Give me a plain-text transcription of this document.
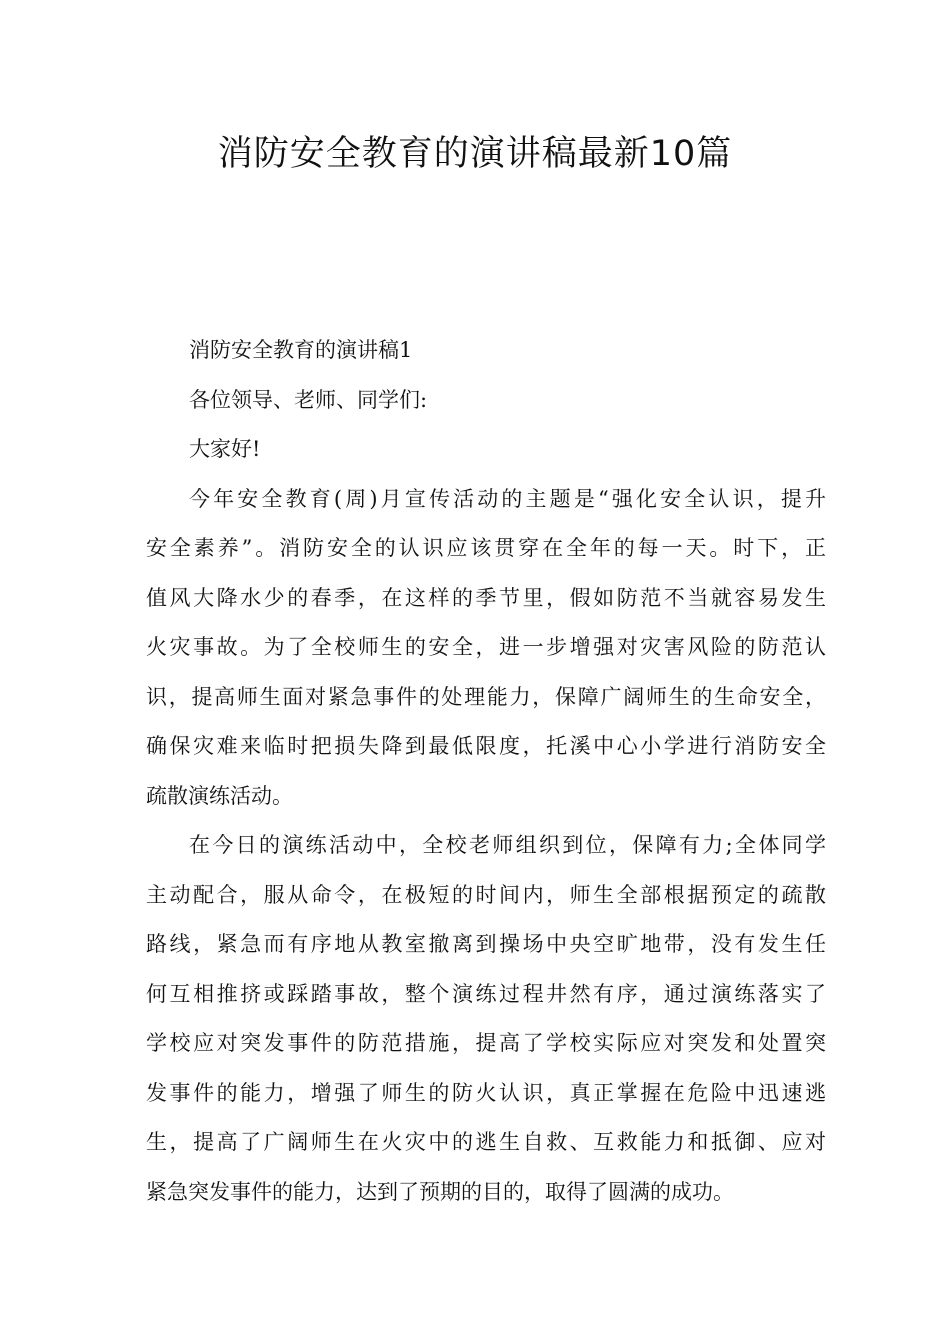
消防安全教育的演讲稿最新10篇
消防安全教育的演讲稿1
各位领导、老师、同学们:
大家好!
今年安全教育(周)月宣传活动的主题是“强化安全认识，提升
安全素养”。消防安全的认识应该贯穿在全年的每一天。时下，正
值风大降水少的春季，在这样的季节里，假如防范不当就容易发生
火灾事故。为了全校师生的安全，进一步增强对灾害风险的防范认
识，提高师生面对紧急事件的处理能力，保障广阔师生的生命安全，
确保灾难来临时把损失降到最低限度，托溪中心小学进行消防安全
疏散演练活动。
在今日的演练活动中，全校老师组织到位，保障有力;全体同学
主动配合，服从命令，在极短的时间内，师生全部根据预定的疏散
路线，紧急而有序地从教室撤离到操场中央空旷地带，没有发生任
何互相推挤或踩踏事故，整个演练过程井然有序，通过演练落实了
学校应对突发事件的防范措施，提高了学校实际应对突发和处置突
发事件的能力，增强了师生的防火认识，真正掌握在危险中迅速逃
生，提高了广阔师生在火灾中的逃生自救、互救能力和抵御、应对
紧急突发事件的能力，达到了预期的目的，取得了圆满的成功。
